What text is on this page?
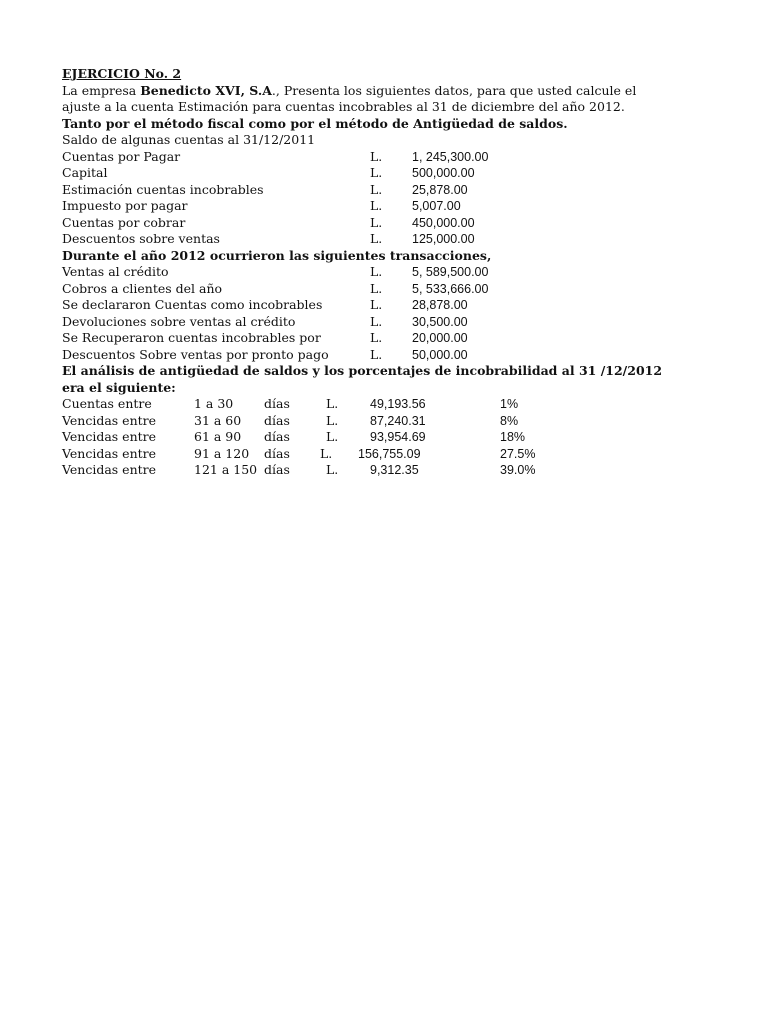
EJERCICIO No. 2
La empresa Benedicto XVI, S.A., Presenta los siguientes datos, para que usted calcule el
ajuste a la cuenta Estimación para cuentas incobrables al 31 de diciembre del año 2012.
Tanto por el método fiscal como por el método de Antigüedad de saldos.
Saldo de algunas cuentas al 31/12/2011
Cuentas por Pagar	L. 1, 245,300.00
Capital	L. 500,000.00
Estimación cuentas incobrables	L. 25,878.00
Impuesto por pagar	L. 5,007.00
Cuentas por cobrar	L. 450,000.00
Descuentos sobre ventas	L. 125,000.00
Durante el año 2012 ocurrieron las siguientes transacciones,
Ventas al crédito	L. 5, 589,500.00
Cobros a clientes del año	L. 5, 533,666.00
Se declararon Cuentas como incobrables	L. 28,878.00
Devoluciones sobre ventas al crédito	L. 30,500.00
Se Recuperaron cuentas incobrables por	L. 20,000.00
Descuentos Sobre ventas por pronto pago	L. 50,000.00
El análisis de antigüedad de saldos y los porcentajes de incobrabilidad al 31 /12/2012
era el siguiente:
Cuentas entre	1 a 30 días	L.	49,193.56	1%
Vencidas entre	31 a 60 días	L.	87,240.31	8%
Vencidas entre	61 a 90 días	L.	93,954.69	18%
Vencidas entre	91 a 120 días L. 156,755.09	27.5%
Vencidas entre	121 a 150 días	L.	9,312.35	39.0%
